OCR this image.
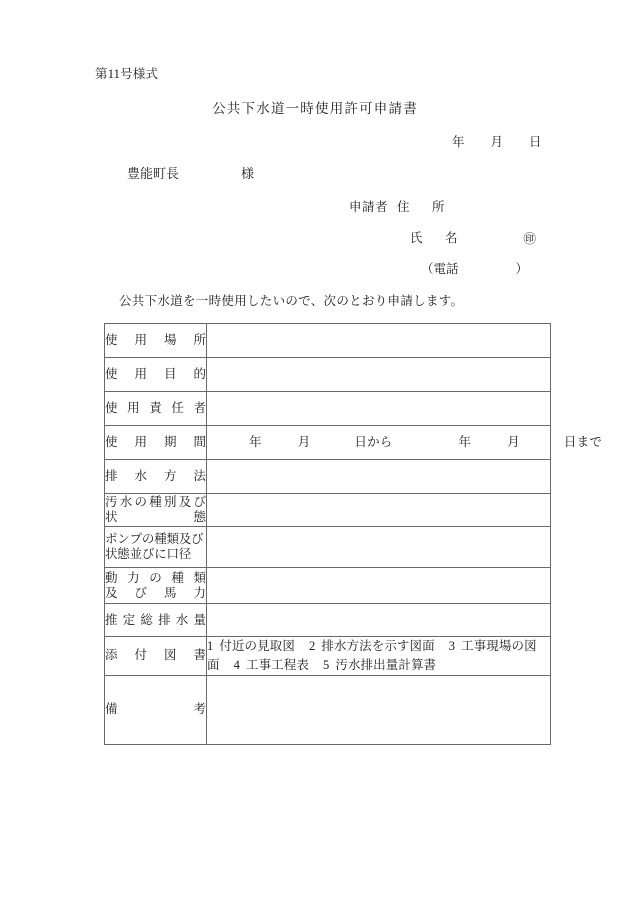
第11号様式
公共下水道一時使用許可申請書
年 月 日
豊能町長	様
申請者 住　所
氏　名	㊞
（電話	）
公共下水道を一時使用したいので、次のとおり申請します。
使用場所	

使用目的	

使用責任者	

使用期間	年 月 日から 年 月 日まで

排水方法	

汚水の種別及び
状　　　　　態	

ポンプの種類及び状態並びに口径	

動力の種類
及　び　馬　力	

推定総排水量	

添付図書	1 付近の見取図 2 排水方法を示す図面 3 工事現場の図面 4 工事工程表 5 汚水排出量計算書

備考	
